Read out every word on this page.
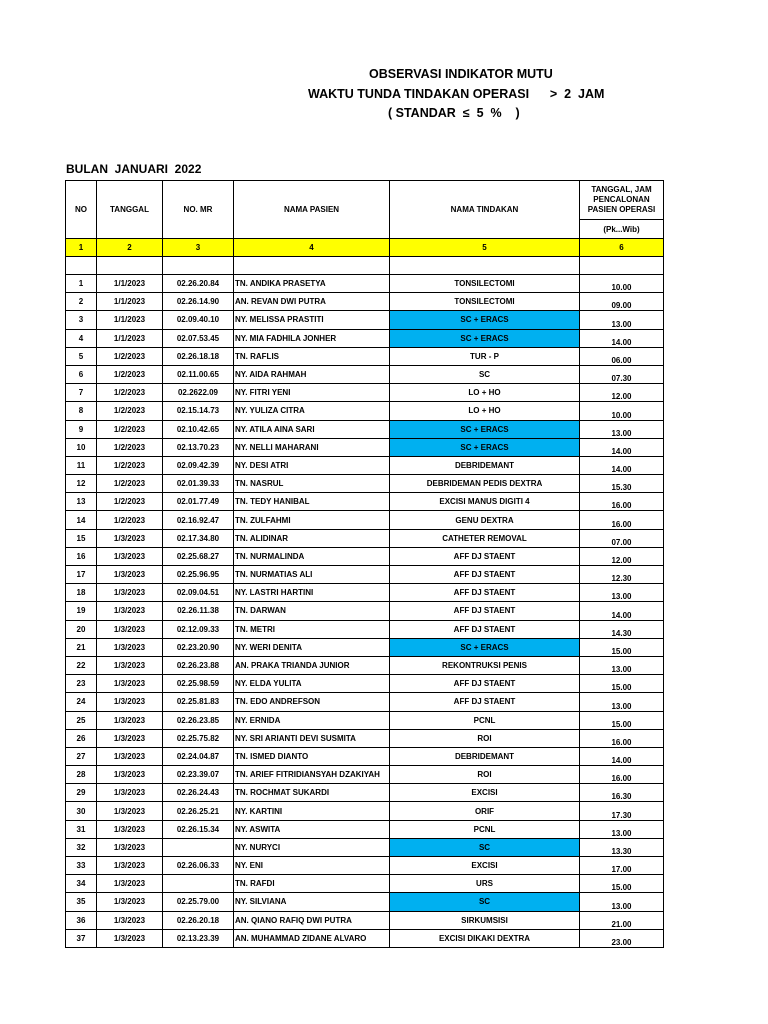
OBSERVASI INDIKATOR MUTU
WAKTU TUNDA TINDAKAN OPERASI      >  2  JAM
( STANDAR  ≤  5  %    )
BULAN  JANUARI  2022
NO	TANGGAL	NO. MR	NAMA PASIEN	NAMA TINDAKAN	TANGGAL, JAM PENCALONAN PASIEN OPERASI
					(Pk...Wib)
1	2	3	4	5	6

1	1/1/2023	02.26.20.84	TN. ANDIKA PRASETYA	TONSILECTOMI	10.00
2	1/1/2023	02.26.14.90	AN. REVAN DWI PUTRA	TONSILECTOMI	09.00
3	1/1/2023	02.09.40.10	NY. MELISSA PRASTITI	SC + ERACS	13.00
4	1/1/2023	02.07.53.45	NY. MIA FADHILA JONHER	SC + ERACS	14.00
5	1/2/2023	02.26.18.18	TN. RAFLIS	TUR - P	06.00
6	1/2/2023	02.11.00.65	NY. AIDA RAHMAH	SC	07.30
7	1/2/2023	02.2622.09	NY. FITRI YENI	LO + HO	12.00
8	1/2/2023	02.15.14.73	NY. YULIZA CITRA	LO + HO	10.00
9	1/2/2023	02.10.42.65	NY. ATILA AINA SARI	SC + ERACS	13.00
10	1/2/2023	02.13.70.23	NY. NELLI MAHARANI	SC + ERACS	14.00
11	1/2/2023	02.09.42.39	NY. DESI ATRI	DEBRIDEMANT	14.00
12	1/2/2023	02.01.39.33	TN. NASRUL	DEBRIDEMAN PEDIS DEXTRA	15.30
13	1/2/2023	02.01.77.49	TN. TEDY HANIBAL	EXCISI MANUS DIGITI 4	16.00
14	1/2/2023	02.16.92.47	TN. ZULFAHMI	GENU DEXTRA	16.00
15	1/3/2023	02.17.34.80	TN. ALIDINAR	CATHETER REMOVAL	07.00
16	1/3/2023	02.25.68.27	TN. NURMALINDA	AFF DJ STAENT	12.00
17	1/3/2023	02.25.96.95	TN. NURMATIAS ALI	AFF DJ STAENT	12.30
18	1/3/2023	02.09.04.51	NY. LASTRI HARTINI	AFF DJ STAENT	13.00
19	1/3/2023	02.26.11.38	TN. DARWAN	AFF DJ STAENT	14.00
20	1/3/2023	02.12.09.33	TN. METRI	AFF DJ STAENT	14.30
21	1/3/2023	02.23.20.90	NY. WERI DENITA	SC + ERACS	15.00
22	1/3/2023	02.26.23.88	AN. PRAKA TRIANDA JUNIOR	REKONTRUKSI PENIS	13.00
23	1/3/2023	02.25.98.59	NY. ELDA YULITA	AFF DJ STAENT	15.00
24	1/3/2023	02.25.81.83	TN. EDO ANDREFSON	AFF DJ STAENT	13.00
25	1/3/2023	02.26.23.85	NY. ERNIDA	PCNL	15.00
26	1/3/2023	02.25.75.82	NY. SRI ARIANTI DEVI SUSMITA	ROI	16.00
27	1/3/2023	02.24.04.87	TN. ISMED DIANTO	DEBRIDEMANT	14.00
28	1/3/2023	02.23.39.07	TN. ARIEF FITRIDIANSYAH DZAKIYAH	ROI	16.00
29	1/3/2023	02.26.24.43	TN. ROCHMAT SUKARDI	EXCISI	16.30
30	1/3/2023	02.26.25.21	NY. KARTINI	ORIF	17.30
31	1/3/2023	02.26.15.34	NY. ASWITA	PCNL	13.00
32	1/3/2023		NY. NURYCI	SC	13.30
33	1/3/2023	02.26.06.33	NY. ENI	EXCISI	17.00
34	1/3/2023		TN. RAFDI	URS	15.00
35	1/3/2023	02.25.79.00	NY. SILVIANA	SC	13.00
36	1/3/2023	02.26.20.18	AN. QIANO RAFIQ DWI PUTRA	SIRKUMSISI	21.00
37	1/3/2023	02.13.23.39	AN. MUHAMMAD ZIDANE ALVARO	EXCISI DIKAKI DEXTRA	23.00
